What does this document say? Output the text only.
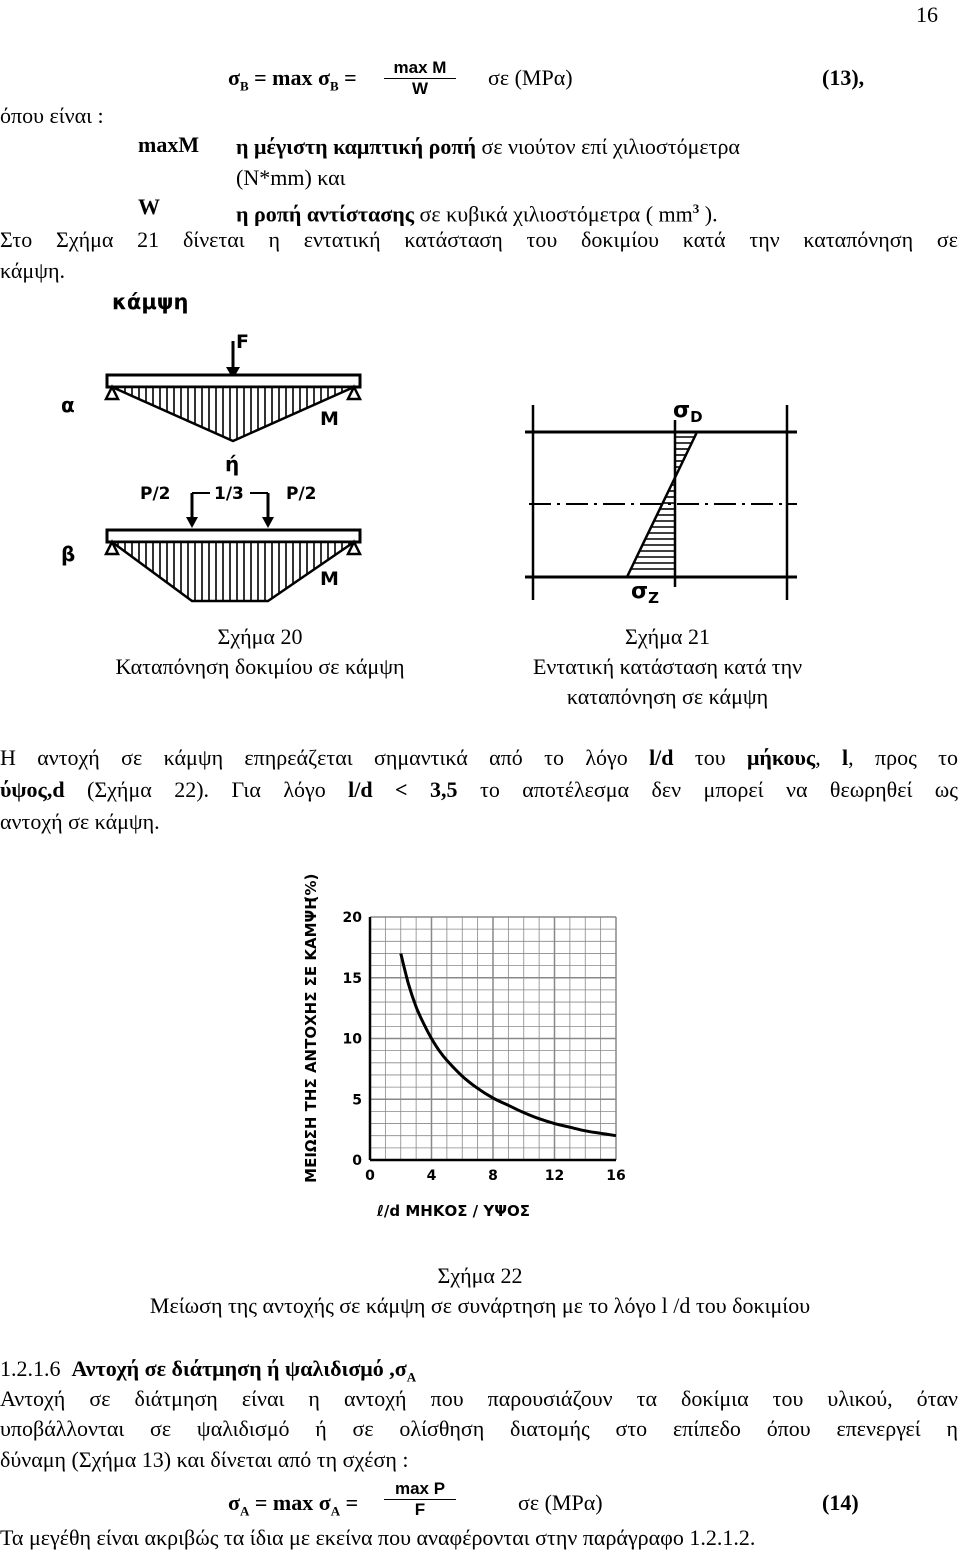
16
$\sigma_B = \max \sigma_B$ =	max M
W	σε (MPα)	(13),
όπου είναι :
maxM η μέγιστη καμπτική ροπή σε νιούτον επί χιλιοστόμετρα
(N*mm) και
W	η ροπή αντίστασης σε κυβικά χιλιοστόμετρα ( $mm^3$ ).
Στο Σχήμα 21 δίνεται η εντατική κατάσταση του δοκιμίου κατά την καταπόνηση σε
κάμψη.
κάμψη
F
α
M
ή
P/2	1/3 P/2
β
M
$\sigma_D$
$\sigma_Z$
Σχήμα 20
Καταπόνηση δοκιμίου σε κάμψη
Σχήμα 21
Εντατική κατάσταση κατά την
καταπόνηση σε κάμψη
Η αντοχή σε κάμψη επηρεάζεται σημαντικά από το λόγο l/d του μήκους, l, προς το
ύψος,d (Σχήμα 22). Για λόγο l/d < 3,5 το αποτέλεσμα δεν μπορεί να θεωρηθεί ως
αντοχή σε κάμψη.
0	4	8	12	16
0
5
10
15
20
ΜΕΙΩΣΗ ΤΗΣ ΑΝΤΟΧΗΣ ΣΕ ΚΑΜΨΗ
(%)
ℓ/d ΜΗΚΟΣ / ΥΨΟΣ
Σχήμα 22
Μείωση της αντοχής σε κάμψη σε συνάρτηση με το λόγο l /d του δοκιμίου
1.2.1.6 Αντοχή σε διάτμηση ή ψαλιδισμό $,\sigma_A$
Αντοχή σε διάτμηση είναι η αντοχή που παρουσιάζουν τα δοκίμια του υλικού, όταν
υποβάλλονται σε ψαλιδισμό ή σε ολίσθηση διατομής στο επίπεδο όπου επενεργεί η
δύναμη (Σχήμα 13) και δίνεται από τη σχέση :
$\sigma_A = \max \sigma_A$ =
max P
F	σε (MPα)	(14)
Τα μεγέθη είναι ακριβώς τα ίδια με εκείνα που αναφέρονται στην παράγραφο 1.2.1.2.
